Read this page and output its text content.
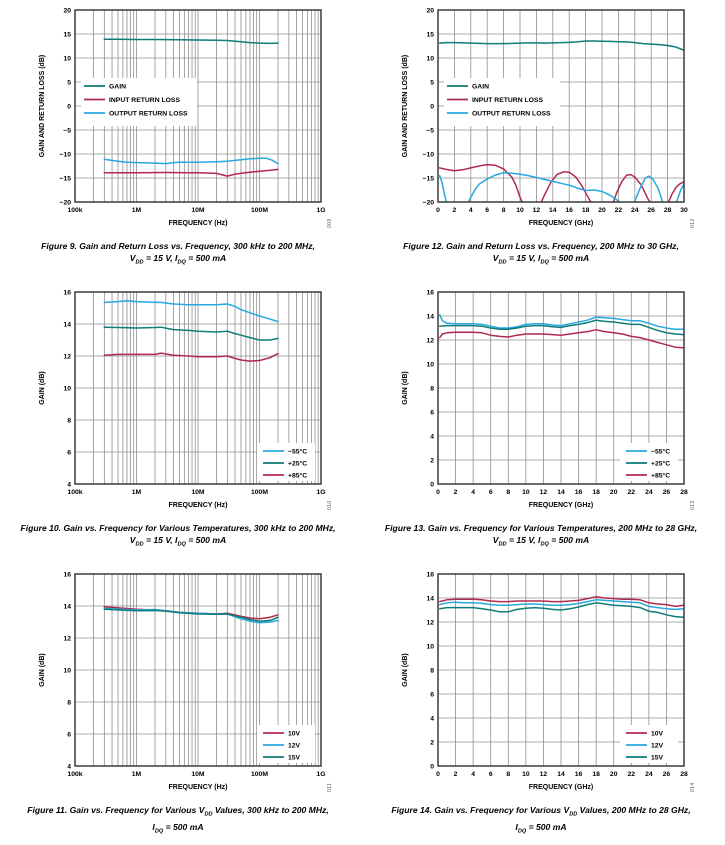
100k	1M	10M	100M	1G
−20
−15
−10
−5
0
5
10
15
20
FREQUENCY (Hz)
GAIN AND RETURN LOSS (dB)	GAIN
INPUT RETURN LOSS
OUTPUT RETURN LOSS
009
Figure 9. Gain and Return Loss vs. Frequency, 300 kHz to 200 MHz,
$V_{DD} = 15$ V, $I_{DQ} = 500$ mA
0 2 4 6 8 10 12 14 16 18 20 22 24 26 28 30
−20
−15
−10
−5
0
5
10
15
20
FREQUENCY (GHz)
GAIN AND RETURN LOSS (dB)	GAIN
INPUT RETURN LOSS
OUTPUT RETURN LOSS
012
Figure 12. Gain and Return Loss vs. Frequency, 200 MHz to 30 GHz,
$V_{DD} = 15$ V, $I_{DQ} = 500$ mA
100k	1M	10M	100M	1G
4
6
8
10
12
14
16
FREQUENCY (Hz)
GAIN (dB)
−55°C
+25°C
+85°C
010
Figure 10. Gain vs. Frequency for Various Temperatures, 300 kHz to 200 MHz,
$V_{DD} = 15$ V, $I_{DQ} = 500$ mA
0 2 4 6 8 10 12 14 16 18 20 22 24 26 28
0
2
4
6
8
10
12
14
16
FREQUENCY (GHz)
GAIN (dB)
−55°C
+25°C
+85°C
013
Figure 13. Gain vs. Frequency for Various Temperatures, 200 MHz to 28 GHz,
$V_{DD} = 15$ V, $I_{DQ} = 500$ mA
100k	1M	10M	100M	1G
4
6
8
10
12
14
16
FREQUENCY (Hz)
GAIN (dB)
10V
12V
15V
011
Figure 11. Gain vs. Frequency for Various $V_{DD}$ Values, 300 kHz to 200 MHz,
$I_{DQ} = 500$ mA
0 2 4 6 8 10 12 14 16 18 20 22 24 26 28
0
2
4
6
8
10
12
14
16
FREQUENCY (GHz)
GAIN (dB)
10V
12V
15V
014
Figure 14. Gain vs. Frequency for Various $V_{DD}$ Values, 200 MHz to 28 GHz,
$I_{DQ} = 500$ mA
